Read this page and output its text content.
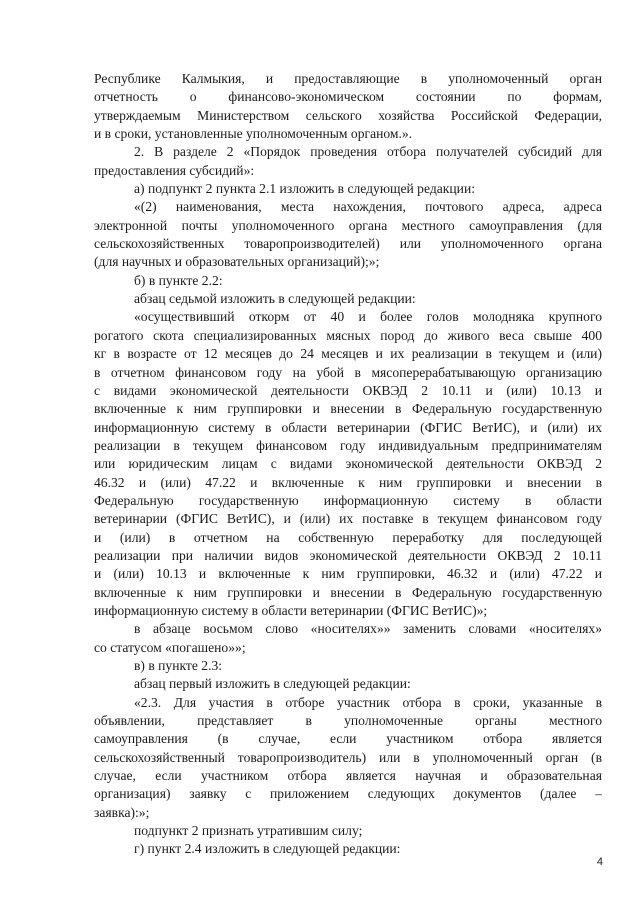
Республике Калмыкия, и предоставляющие в уполномоченный орган
отчетность о финансово-экономическом состоянии по формам,
утверждаемым Министерством сельского хозяйства Российской Федерации,
и в сроки, установленные уполномоченным органом.».
2. В разделе 2 «Порядок проведения отбора получателей субсидий для
предоставления субсидий»:
а) подпункт 2 пункта 2.1 изложить в следующей редакции:
«(2) наименования, места нахождения, почтового адреса, адреса
электронной почты уполномоченного органа местного самоуправления (для
сельскохозяйственных товаропроизводителей) или уполномоченного органа
(для научных и образовательных организаций);»;
б) в пункте 2.2:
абзац седьмой изложить в следующей редакции:
«осуществивший откорм от 40 и более голов молодняка крупного
рогатого скота специализированных мясных пород до живого веса свыше 400
кг в возрасте от 12 месяцев до 24 месяцев и их реализации в текущем и (или)
в отчетном финансовом году на убой в мясоперерабатывающую организацию
с видами экономической деятельности ОКВЭД 2 10.11 и (или) 10.13 и
включенные к ним группировки и внесении в Федеральную государственную
информационную систему в области ветеринарии (ФГИС ВетИС), и (или) их
реализации в текущем финансовом году индивидуальным предпринимателям
или юридическим лицам с видами экономической деятельности ОКВЭД 2
46.32 и (или) 47.22 и включенные к ним группировки и внесении в
Федеральную государственную информационную систему в области
ветеринарии (ФГИС ВетИС), и (или) их поставке в текущем финансовом году
и (или) в отчетном на собственную переработку для последующей
реализации при наличии видов экономической деятельности ОКВЭД 2 10.11
и (или) 10.13 и включенные к ним группировки, 46.32 и (или) 47.22 и
включенные к ним группировки и внесении в Федеральную государственную
информационную систему в области ветеринарии (ФГИС ВетИС)»;
в абзаце восьмом слово «носителях»» заменить словами «носителях»
со статусом «погашено»»;
в) в пункте 2.3:
абзац первый изложить в следующей редакции:
«2.3. Для участия в отборе участник отбора в сроки, указанные в
объявлении, представляет в уполномоченные органы местного
самоуправления (в случае, если участником отбора является
сельскохозяйственный товаропроизводитель) или в уполномоченный орган (в
случае, если участником отбора является научная и образовательная
организация) заявку с приложением следующих документов (далее –
заявка):»;
подпункт 2 признать утратившим силу;
г) пункт 2.4 изложить в следующей редакции:
4
